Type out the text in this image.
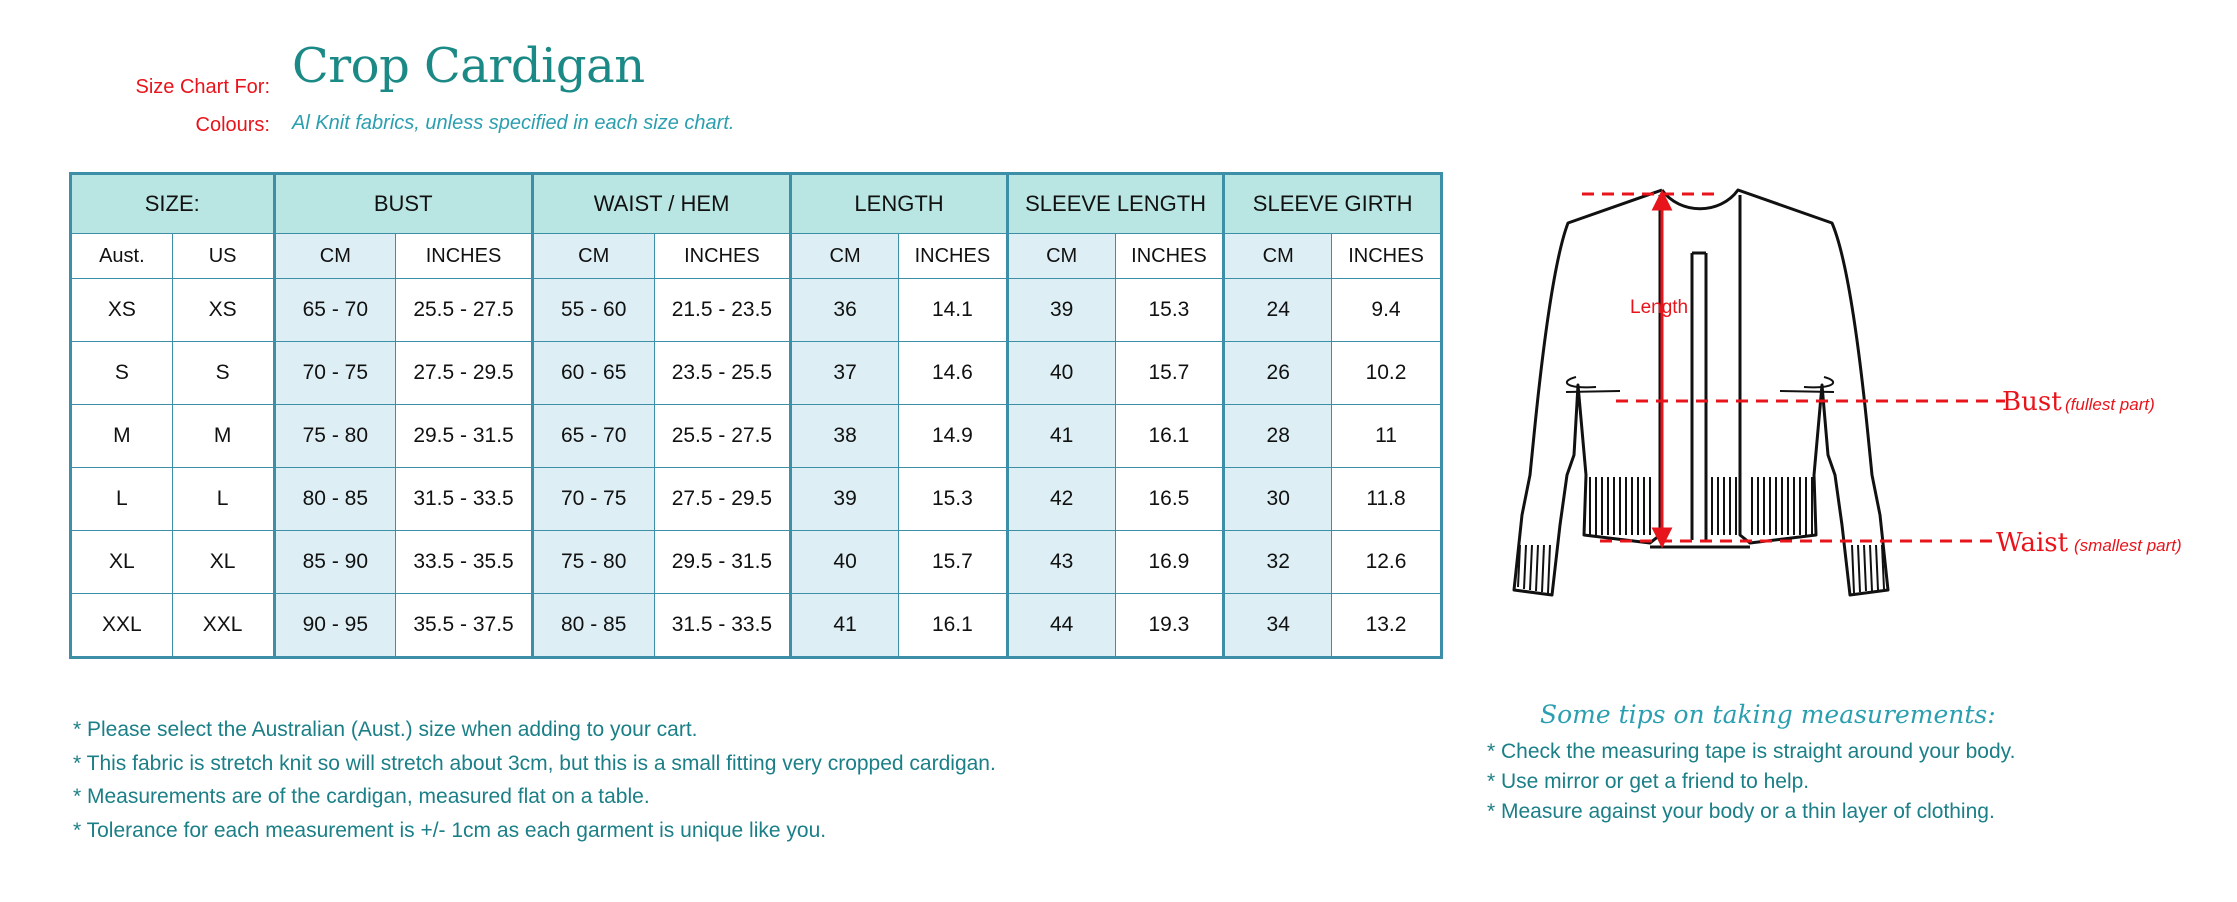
Size Chart For: Crop Cardigan
Colours: Al Knit fabrics, unless specified in each size chart.
SIZE:		BUST		WAIST / HEM		LENGTH		SLEEVE LENGTH		SLEEVE GIRTH	
Aust.	US	CM	INCHES	CM	INCHES	CM	INCHES	CM	INCHES	CM	INCHES
XS	XS	65 - 70	25.5 - 27.5	55 - 60	21.5 - 23.5	36	14.1	39	15.3	24	9.4
S	S	70 - 75	27.5 - 29.5	60 - 65	23.5 - 25.5	37	14.6	40	15.7	26	10.2
M	M	75 - 80	29.5 - 31.5	65 - 70	25.5 - 27.5	38	14.9	41	16.1	28	11
L	L	80 - 85	31.5 - 33.5	70 - 75	27.5 - 29.5	39	15.3	42	16.5	30	11.8
XL	XL	85 - 90	33.5 - 35.5	75 - 80	29.5 - 31.5	40	15.7	43	16.9	32	12.6
XXL	XXL	90 - 95	35.5 - 37.5	80 - 85	31.5 - 33.5	41	16.1	44	19.3	34	13.2
Length
Bust (fullest part)
Waist (smallest part)
* Please select the Australian (Aust.) size when adding to your cart.
* This fabric is stretch knit so will stretch about 3cm, but this is a small fitting very cropped cardigan.
* Measurements are of the cardigan, measured flat on a table.
* Tolerance for each measurement is +/- 1cm as each garment is unique like you.
Some tips on taking measurements:
* Check the measuring tape is straight around your body.
* Use mirror or get a friend to help.
* Measure against your body or a thin layer of clothing.
